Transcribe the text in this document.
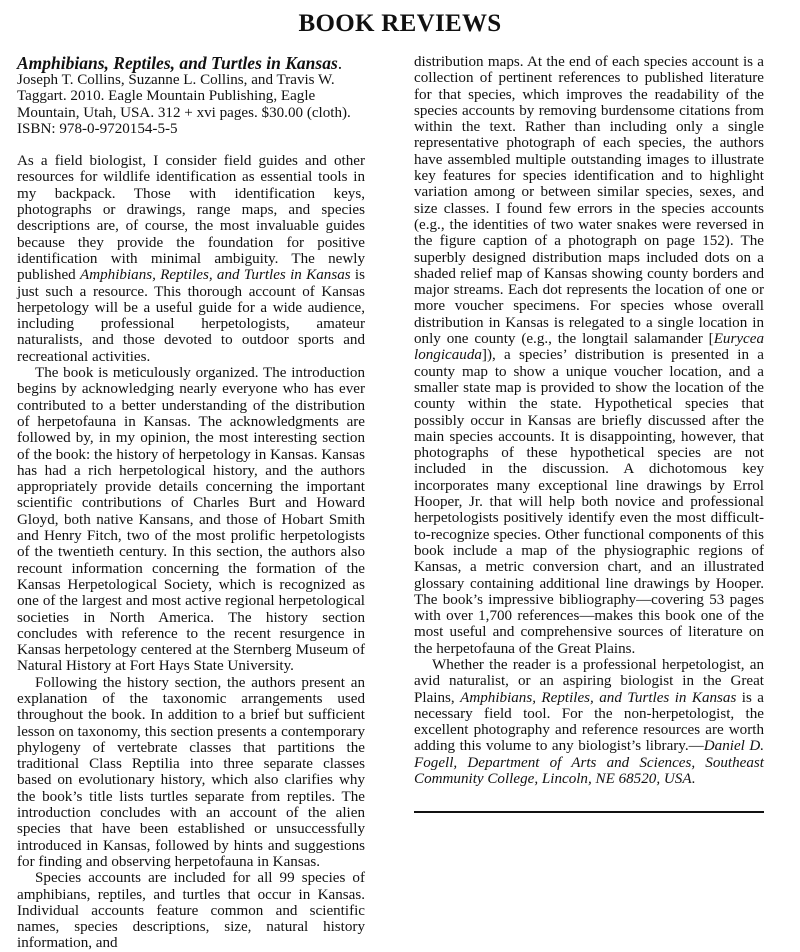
BOOK REVIEWS

Amphibians, Reptiles, and Turtles in Kansas.

Joseph T. Collins, Suzanne L. Collins, and Travis W. Taggart. 2010. Eagle Mountain Publishing, Eagle Mountain, Utah, USA. 312 + xvi pages. $30.00 (cloth). ISBN: 978-0-9720154-5-5

As a field biologist, I consider field guides and other resources for wildlife identification as essential tools in my backpack. Those with identification keys, photographs or drawings, range maps, and species descriptions are, of course, the most invaluable guides because they provide the foundation for positive identification with minimal ambiguity. The newly published Amphibians, Reptiles, and Turtles in Kansas is just such a resource. This thorough account of Kansas herpetology will be a useful guide for a wide audience, including professional herpetologists, amateur naturalists, and those devoted to outdoor sports and recreational activities.

The book is meticulously organized. The introduction begins by acknowledging nearly everyone who has ever contributed to a better understanding of the distribution of herpetofauna in Kansas. The acknowledgments are followed by, in my opinion, the most interesting section of the book: the history of herpetology in Kansas. Kansas has had a rich herpetological history, and the authors appropriately provide details concerning the important scientific contributions of Charles Burt and Howard Gloyd, both native Kansans, and those of Hobart Smith and Henry Fitch, two of the most prolific herpetologists of the twentieth century. In this section, the authors also recount information concerning the formation of the Kansas Herpetological Society, which is recognized as one of the largest and most active regional herpetological societies in North America. The history section concludes with reference to the recent resurgence in Kansas herpetology centered at the Sternberg Museum of Natural History at Fort Hays State University.

Following the history section, the authors present an explanation of the taxonomic arrangements used throughout the book. In addition to a brief but sufficient lesson on taxonomy, this section presents a contemporary phylogeny of vertebrate classes that partitions the traditional Class Reptilia into three separate classes based on evolutionary history, which also clarifies why the book’s title lists turtles separate from reptiles. The introduction concludes with an account of the alien species that have been established or unsuccessfully introduced in Kansas, followed by hints and suggestions for finding and observing herpetofauna in Kansas.

Species accounts are included for all 99 species of amphibians, reptiles, and turtles that occur in Kansas. Individual accounts feature common and scientific names, species descriptions, size, natural history information, and

distribution maps. At the end of each species account is a collection of pertinent references to published literature for that species, which improves the readability of the species accounts by removing burdensome citations from within the text. Rather than including only a single representative photograph of each species, the authors have assembled multiple outstanding images to illustrate key features for species identification and to highlight variation among or between similar species, sexes, and size classes. I found few errors in the species accounts (e.g., the identities of two water snakes were reversed in the figure caption of a photograph on page 152). The superbly designed distribution maps included dots on a shaded relief map of Kansas showing county borders and major streams. Each dot represents the location of one or more voucher specimens. For species whose overall distribution in Kansas is relegated to a single location in only one county (e.g., the longtail salamander [Eurycea longicauda]), a species’ distribution is presented in a county map to show a unique voucher location, and a smaller state map is provided to show the location of the county within the state. Hypothetical species that possibly occur in Kansas are briefly discussed after the main species accounts. It is disappointing, however, that photographs of these hypothetical species are not included in the discussion. A dichotomous key incorporates many exceptional line drawings by Errol Hooper, Jr. that will help both novice and professional herpetologists positively identify even the most difficult-to-recognize species. Other functional components of this book include a map of the physiographic regions of Kansas, a metric conversion chart, and an illustrated glossary containing additional line drawings by Hooper. The book’s impressive bibliography—covering 53 pages with over 1,700 references—makes this book one of the most useful and comprehensive sources of literature on the herpetofauna of the Great Plains.

Whether the reader is a professional herpetologist, an avid naturalist, or an aspiring biologist in the Great Plains, Amphibians, Reptiles, and Turtles in Kansas is a necessary field tool. For the non-herpetologist, the excellent photography and reference resources are worth adding this volume to any biologist’s library.—Daniel D. Fogell, Department of Arts and Sciences, Southeast Community College, Lincoln, NE 68520, USA.
